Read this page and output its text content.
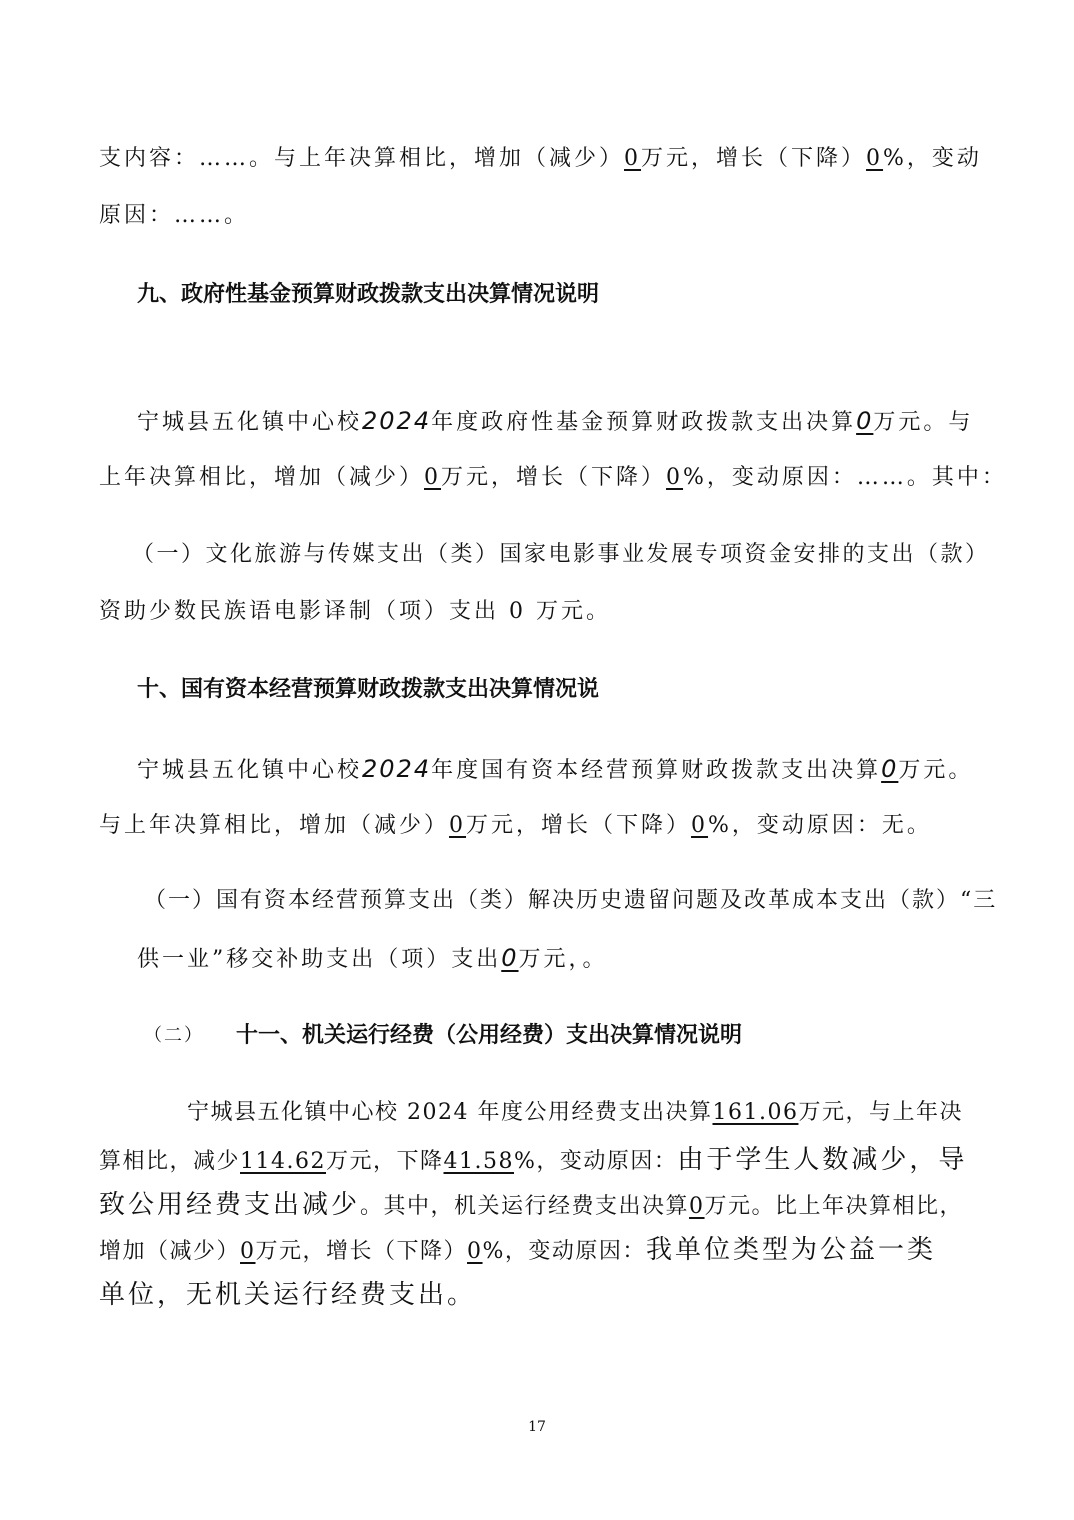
支内容：……。与上年决算相比，增加（减少）0万元，增长（下降）0%，变动
原因：……。
九、政府性基金预算财政拨款支出决算情况说明
宁城县五化镇中心校2024年度政府性基金预算财政拨款支出决算0万元。与
上年决算相比，增加（减少）0万元，增长（下降）0%，变动原因：……。其中：
（一）文化旅游与传媒支出（类）国家电影事业发展专项资金安排的支出（款）
资助少数民族语电影译制（项）支出 0 万元。
十、国有资本经营预算财政拨款支出决算情况说
宁城县五化镇中心校2024年度国有资本经营预算财政拨款支出决算0万元。
与上年决算相比，增加（减少）0万元，增长（下降）0%，变动原因：无。
（一）国有资本经营预算支出（类）解决历史遗留问题及改革成本支出（款）“三
供一业”移交补助支出（项）支出0万元，。
（二） 十一、机关运行经费（公用经费）支出决算情况说明
宁城县五化镇中心校 2024 年度公用经费支出决算161.06万元，与上年决
算相比，减少114.62万元，下降41.58%，变动原因：由于学生人数减少，导
致公用经费支出减少。其中，机关运行经费支出决算0万元。比上年决算相比，
增加（减少）0万元，增长（下降）0%，变动原因：我单位类型为公益一类
单位，无机关运行经费支出。
17
